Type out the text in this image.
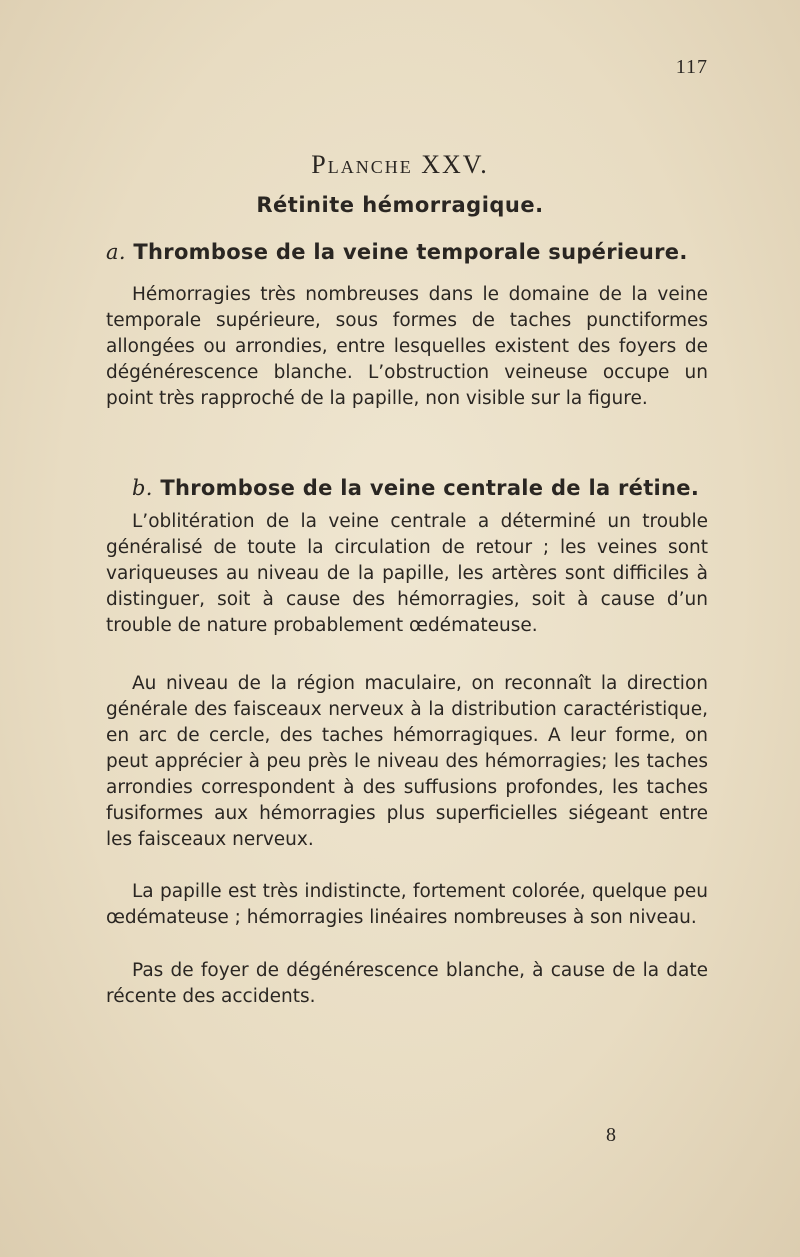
117
Planche XXV.
Rétinite hémorragique.
a. Thrombose de la veine temporale supérieure.
Hémorragies très nombreuses dans le domaine de la veine temporale supérieure, sous formes de taches punctiformes allongées ou arrondies, entre lesquelles existent des foyers de dégénérescence blanche. L’obstruction veineuse occupe un point très rapproché de la papille, non visible sur la figure.
b. Thrombose de la veine centrale de la rétine.
L’oblitération de la veine centrale a déterminé un trouble généralisé de toute la circulation de retour ; les veines sont variqueuses au niveau de la papille, les artères sont difficiles à distinguer, soit à cause des hémorragies, soit à cause d’un trouble de nature probablement œdémateuse.
Au niveau de la région maculaire, on reconnaît la direction générale des faisceaux nerveux à la distribution caractéristique, en arc de cercle, des taches hémorragiques. A leur forme, on peut apprécier à peu près le niveau des hémorragies; les taches arrondies correspondent à des suffusions profondes, les taches fusiformes aux hémorragies plus superficielles siégeant entre les faisceaux nerveux.
La papille est très indistincte, fortement colorée, quelque peu œdémateuse ; hémorragies linéaires nombreuses à son niveau.
Pas de foyer de dégénérescence blanche, à cause de la date récente des accidents.
8
